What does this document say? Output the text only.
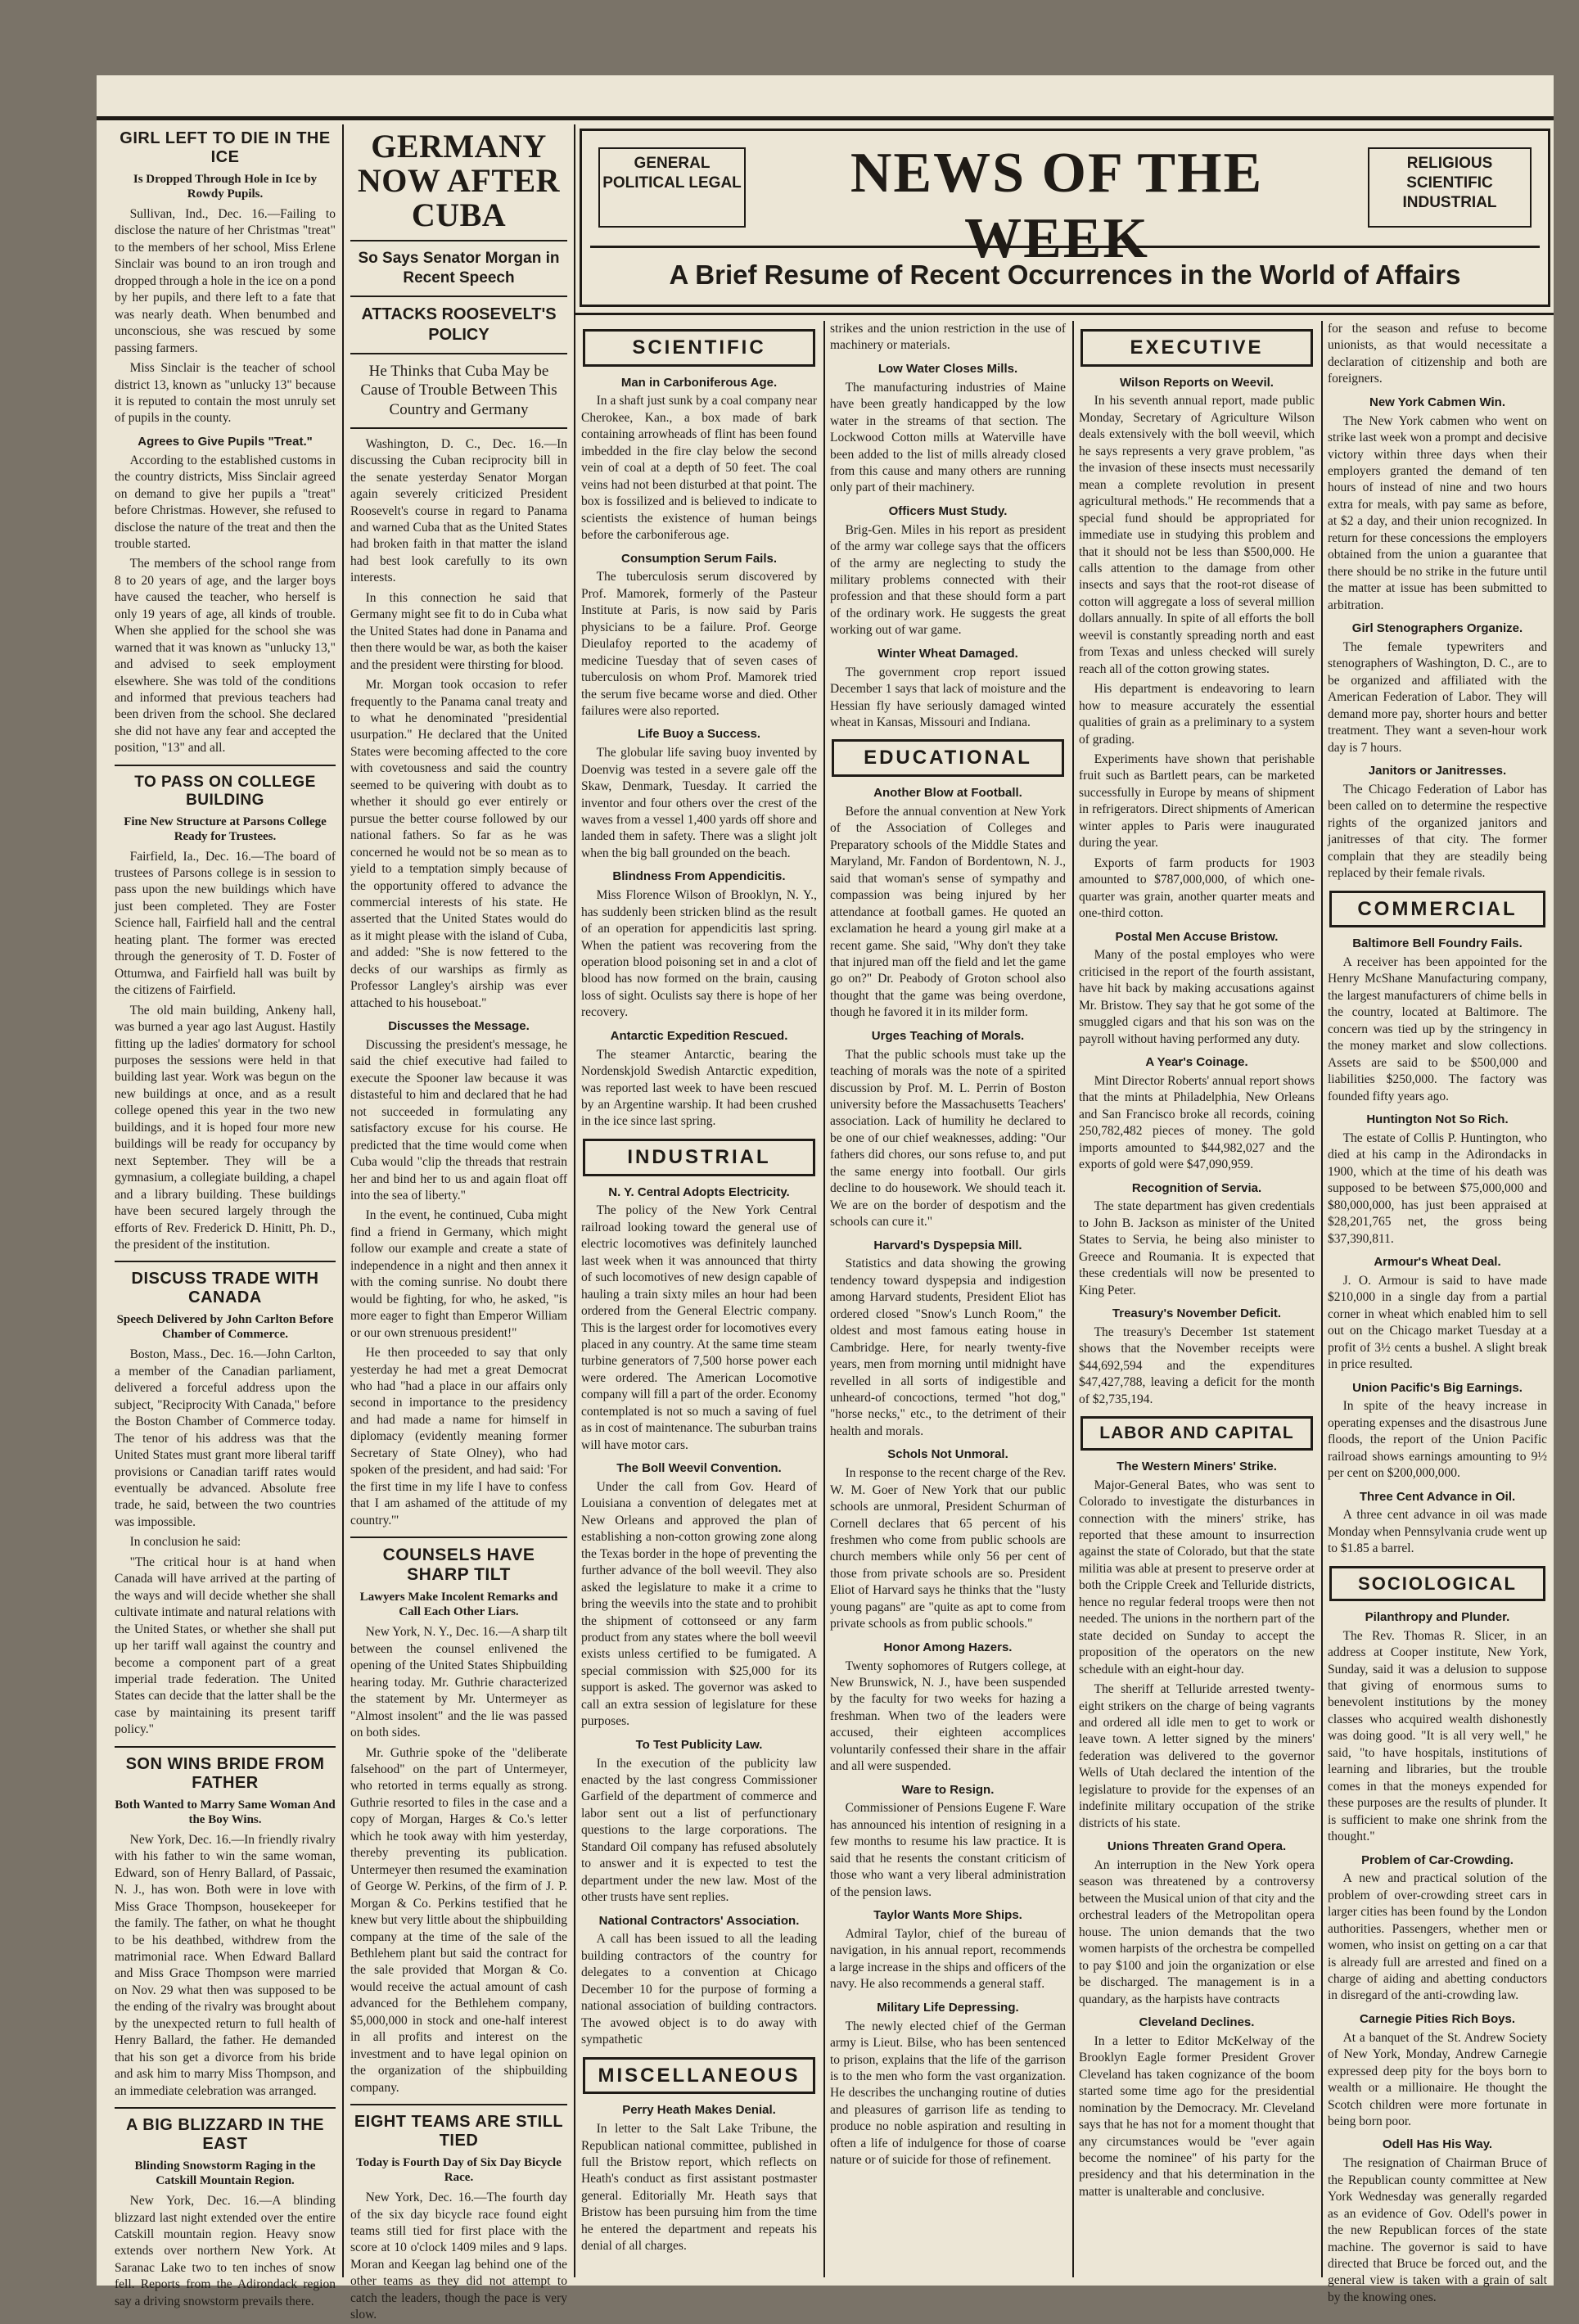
GIRL LEFT TO DIE IN THE ICE
Is Dropped Through Hole in Ice by Rowdy Pupils.

Sullivan, Ind., Dec. 16.—Failing to disclose the nature of her Christmas "treat" to the members of her school, Miss Erlene Sinclair was bound to an iron trough and dropped through a hole in the ice on a pond by her pupils, and there left to a fate that was nearly death. When benumbed and unconscious, she was rescued by some passing farmers.

Miss Sinclair is the teacher of school district 13, known as "unlucky 13" because it is reputed to contain the most unruly set of pupils in the county.

Agrees to Give Pupils "Treat."

According to the established customs in the country districts, Miss Sinclair agreed on demand to give her pupils a "treat" before Christmas. However, she refused to disclose the nature of the treat and then the trouble started.

The members of the school range from 8 to 20 years of age, and the larger boys have caused the teacher, who herself is only 19 years of age, all kinds of trouble. When she applied for the school she was warned that it was known as "unlucky 13," and advised to seek employment elsewhere. She was told of the conditions and informed that previous teachers had been driven from the school. She declared she did not have any fear and accepted the position, "13" and all.

TO PASS ON COLLEGE BUILDING
Fine New Structure at Parsons College Ready for Trustees.

Fairfield, Ia., Dec. 16.—The board of trustees of Parsons college is in session to pass upon the new buildings which have just been completed. They are Foster Science hall, Fairfield hall and the central heating plant. The former was erected through the generosity of T. D. Foster of Ottumwa, and Fairfield hall was built by the citizens of Fairfield.

The old main building, Ankeny hall, was burned a year ago last August. Hastily fitting up the ladies' dormatory for school purposes the sessions were held in that building last year. Work was begun on the new buildings at once, and as a result college opened this year in the two new buildings, and it is hoped four more new buildings will be ready for occupancy by next September. They will be a gymnasium, a collegiate building, a chapel and a library building. These buildings have been secured largely through the efforts of Rev. Frederick D. Hinitt, Ph. D., the president of the institution.

DISCUSS TRADE WITH CANADA
Speech Delivered by John Carlton Before Chamber of Commerce.

Boston, Mass., Dec. 16.—John Carlton, a member of the Canadian parliament, delivered a forceful address upon the subject, "Reciprocity With Canada," before the Boston Chamber of Commerce today. The tenor of his address was that the United States must grant more liberal tariff provisions or Canadian tariff rates would eventually be advanced. Absolute free trade, he said, between the two countries was impossible.

In conclusion he said:

"The critical hour is at hand when Canada will have arrived at the parting of the ways and will decide whether she shall cultivate intimate and natural relations with the United States, or whether she shall put up her tariff wall against the country and become a component part of a great imperial trade federation. The United States can decide that the latter shall be the case by maintaining its present tariff policy."

SON WINS BRIDE FROM FATHER
Both Wanted to Marry Same Woman And the Boy Wins.

New York, Dec. 16.—In friendly rivalry with his father to win the same woman, Edward, son of Henry Ballard, of Passaic, N. J., has won. Both were in love with Miss Grace Thompson, housekeeper for the family. The father, on what he thought to be his deathbed, withdrew from the matrimonial race. When Edward Ballard and Miss Grace Thompson were married on Nov. 29 what then was supposed to be the ending of the rivalry was brought about by the unexpected return to full health of Henry Ballard, the father. He demanded that his son get a divorce from his bride and ask him to marry Miss Thompson, and an immediate celebration was arranged.

A BIG BLIZZARD IN THE EAST
Blinding Snowstorm Raging in the Catskill Mountain Region.

New York, Dec. 16.—A blinding blizzard last night extended over the entire Catskill mountain region. Heavy snow extends over northern New York. At Saranac Lake two to ten inches of snow fell. Reports from the Adirondack region say a driving snowstorm prevails there.

GERMANY NOW AFTER CUBA
So Says Senator Morgan in Recent Speech
ATTACKS ROOSEVELT'S POLICY
He Thinks that Cuba May be Cause of Trouble Between This Country and Germany

Washington, D. C., Dec. 16.—In discussing the Cuban reciprocity bill in the senate yesterday Senator Morgan again severely criticized President Roosevelt's course in regard to Panama and warned Cuba that as the United States had broken faith in that matter the island had best look carefully to its own interests.

In this connection he said that Germany might see fit to do in Cuba what the United States had done in Panama and then there would be war, as both the kaiser and the president were thirsting for blood.

Mr. Morgan took occasion to refer frequently to the Panama canal treaty and to what he denominated "presidential usurpation." He declared that the United States were becoming affected to the core with covetousness and said the country seemed to be quivering with doubt as to whether it should go ever entirely or pursue the better course followed by our national fathers. So far as he was concerned he would not be so mean as to yield to a temptation simply because of the opportunity offered to advance the commercial interests of his state. He asserted that the United States would do as it might please with the island of Cuba, and added: "She is now fettered to the decks of our warships as firmly as Professor Langley's airship was ever attached to his houseboat."

Discusses the Message.

Discussing the president's message, he said the chief executive had failed to execute the Spooner law because it was distasteful to him and declared that he had not succeeded in formulating any satisfactory excuse for his course. He predicted that the time would come when Cuba would "clip the threads that restrain her and bind her to us and again float off into the sea of liberty."

In the event, he continued, Cuba might find a friend in Germany, which might follow our example and create a state of independence in a night and then annex it with the coming sunrise. No doubt there would be fighting, for who, he asked, "is more eager to fight than Emperor William or our own strenuous president!"

He then proceeded to say that only yesterday he had met a great Democrat who had "had a place in our affairs only second in importance to the presidency and had made a name for himself in diplomacy (evidently meaning former Secretary of State Olney), who had spoken of the president, and had said: 'For the first time in my life I have to confess that I am ashamed of the attitude of my country.'"

COUNSELS HAVE SHARP TILT
Lawyers Make Incolent Remarks and Call Each Other Liars.

New York, N. Y., Dec. 16.—A sharp tilt between the counsel enlivened the opening of the United States Shipbuilding hearing today. Mr. Guthrie characterized the statement by Mr. Untermeyer as "Almost insolent" and the lie was passed on both sides.

Mr. Guthrie spoke of the "deliberate falsehood" on the part of Untermeyer, who retorted in terms equally as strong. Guthrie resorted to files in the case and a copy of Morgan, Harges & Co.'s letter which he took away with him yesterday, thereby preventing its publication. Untermeyer then resumed the examination of George W. Perkins, of the firm of J. P. Morgan & Co. Perkins testified that he knew but very little about the shipbuilding company at the time of the sale of the Bethlehem plant but said the contract for the sale provided that Morgan & Co. would receive the actual amount of cash advanced for the Bethlehem company, $5,000,000 in stock and one-half interest in all profits and interest on the investment and to have legal opinion on the organization of the shipbuilding company.

EIGHT TEAMS ARE STILL TIED
Today is Fourth Day of Six Day Bicycle Race.

New York, Dec. 16.—The fourth day of the six day bicycle race found eight teams still tied for first place with the score at 10 o'clock 1409 miles and 9 laps. Moran and Keegan lag behind one of the other teams as they did not attempt to catch the leaders, though the pace is very slow.

GENERAL POLITICAL LEGAL	NEWS OF THE WEEK
RELIGIOUS SCIENTIFIC INDUSTRIAL
A Brief Resume of Recent Occurrences in the World of Affairs
SCIENTIFIC
Man in Carboniferous Age.

In a shaft just sunk by a coal company near Cherokee, Kan., a box made of bark containing arrowheads of flint has been found imbedded in the fire clay below the second vein of coal at a depth of 50 feet. The coal veins had not been disturbed at that point. The box is fossilized and is believed to indicate to scientists the existence of human beings before the carboniferous age.

Consumption Serum Fails.

The tuberculosis serum discovered by Prof. Mamorek, formerly of the Pasteur Institute at Paris, is now said by Paris physicians to be a failure. Prof. George Dieulafoy reported to the academy of medicine Tuesday that of seven cases of tuberculosis on whom Prof. Mamorek tried the serum five became worse and died. Other failures were also reported.

Life Buoy a Success.

The globular life saving buoy invented by Doenvig was tested in a severe gale off the Skaw, Denmark, Tuesday. It carried the inventor and four others over the crest of the waves from a vessel 1,400 yards off shore and landed them in safety. There was a slight jolt when the big ball grounded on the beach.

Blindness From Appendicitis.

Miss Florence Wilson of Brooklyn, N. Y., has suddenly been stricken blind as the result of an operation for appendicitis last spring. When the patient was recovering from the operation blood poisoning set in and a clot of blood has now formed on the brain, causing loss of sight. Oculists say there is hope of her recovery.

Antarctic Expedition Rescued.

The steamer Antarctic, bearing the Nordenskjold Swedish Antarctic expedition, was reported last week to have been rescued by an Argentine warship. It had been crushed in the ice since last spring.

INDUSTRIAL
N. Y. Central Adopts Electricity.

The policy of the New York Central railroad looking toward the general use of electric locomotives was definitely launched last week when it was announced that thirty of such locomotives of new design capable of hauling a train sixty miles an hour had been ordered from the General Electric company. This is the largest order for locomotives every placed in any country. At the same time steam turbine generators of 7,500 horse power each were ordered. The American Locomotive company will fill a part of the order. Economy contemplated is not so much a saving of fuel as in cost of maintenance. The suburban trains will have motor cars.

The Boll Weevil Convention.

Under the call from Gov. Heard of Louisiana a convention of delegates met at New Orleans and approved the plan of establishing a non-cotton growing zone along the Texas border in the hope of preventing the further advance of the boll weevil. They also asked the legislature to make it a crime to bring the weevils into the state and to prohibit the shipment of cottonseed or any farm product from any states where the boll weevil exists unless certified to be fumigated. A special commission with $25,000 for its support is asked. The governor was asked to call an extra session of legislature for these purposes.

To Test Publicity Law.

In the execution of the publicity law enacted by the last congress Commissioner Garfield of the department of commerce and labor sent out a list of perfunctionary questions to the large corporations. The Standard Oil company has refused absolutely to answer and it is expected to test the department under the new law. Most of the other trusts have sent replies.

National Contractors' Association.

A call has been issued to all the leading building contractors of the country for delegates to a convention at Chicago December 10 for the purpose of forming a national association of building contractors. The avowed object is to do away with sympathetic

MISCELLANEOUS
Perry Heath Makes Denial.

In letter to the Salt Lake Tribune, the Republican national committee, published in full the Bristow report, which reflects on Heath's conduct as first assistant postmaster general. Editorially Mr. Heath says that Bristow has been pursuing him from the time he entered the department and repeats his denial of all charges.

strikes and the union restriction in the use of machinery or materials.

Low Water Closes Mills.

The manufacturing industries of Maine have been greatly handicapped by the low water in the streams of that section. The Lockwood Cotton mills at Waterville have been added to the list of mills already closed from this cause and many others are running only part of their machinery.

Officers Must Study.

Brig-Gen. Miles in his report as president of the army war college says that the officers of the army are neglecting to study the military problems connected with their profession and that these should form a part of the ordinary work. He suggests the great working out of war game.

Winter Wheat Damaged.

The government crop report issued December 1 says that lack of moisture and the Hessian fly have seriously damaged winted wheat in Kansas, Missouri and Indiana.

EDUCATIONAL
Another Blow at Football.

Before the annual convention at New York of the Association of Colleges and Preparatory schools of the Middle States and Maryland, Mr. Fandon of Bordentown, N. J., said that woman's sense of sympathy and compassion was being injured by her attendance at football games. He quoted an exclamation he heard a young girl make at a recent game. She said, "Why don't they take that injured man off the field and let the game go on?" Dr. Peabody of Groton school also thought that the game was being overdone, though he favored it in its milder form.

Urges Teaching of Morals.

That the public schools must take up the teaching of morals was the note of a spirited discussion by Prof. M. L. Perrin of Boston university before the Massachusetts Teachers' association. Lack of humility he declared to be one of our chief weaknesses, adding: "Our fathers did chores, our sons refuse to, and put the same energy into football. Our girls decline to do housework. We should teach it. We are on the border of despotism and the schools can cure it."

Harvard's Dyspepsia Mill.

Statistics and data showing the growing tendency toward dyspepsia and indigestion among Harvard students, President Eliot has ordered closed "Snow's Lunch Room," the oldest and most famous eating house in Cambridge. Here, for nearly twenty-five years, men from morning until midnight have revelled in all sorts of indigestible and unheard-of concoctions, termed "hot dog," "horse necks," etc., to the detriment of their health and morals.

Schols Not Unmoral.

In response to the recent charge of the Rev. W. M. Goer of New York that our public schools are unmoral, President Schurman of Cornell declares that 65 percent of his freshmen who come from public schools are church members while only 56 per cent of those from private schools are so. President Eliot of Harvard says he thinks that the "lusty young pagans" are "quite as apt to come from private schools as from public schools."

Honor Among Hazers.

Twenty sophomores of Rutgers college, at New Brunswick, N. J., have been suspended by the faculty for two weeks for hazing a freshman. When two of the leaders were accused, their eighteen accomplices voluntarily confessed their share in the affair and all were suspended.

Ware to Resign.

Commissioner of Pensions Eugene F. Ware has announced his intention of resigning in a few months to resume his law practice. It is said that he resents the constant criticism of those who want a very liberal administration of the pension laws.

Taylor Wants More Ships.

Admiral Taylor, chief of the bureau of navigation, in his annual report, recommends a large increase in the ships and officers of the navy. He also recommends a general staff.

Military Life Depressing.

The newly elected chief of the German army is Lieut. Bilse, who has been sentenced to prison, explains that the life of the garrison is to the men who form the vast organization. He describes the unchanging routine of duties and pleasures of garrison life as tending to produce no noble aspiration and resulting in often a life of indulgence for those of coarse nature or of suicide for those of refinement.

EXECUTIVE
Wilson Reports on Weevil.

In his seventh annual report, made public Monday, Secretary of Agriculture Wilson deals extensively with the boll weevil, which he says represents a very grave problem, "as the invasion of these insects must necessarily mean a complete revolution in present agricultural methods." He recommends that a special fund should be appropriated for immediate use in studying this problem and that it should not be less than $500,000. He calls attention to the damage from other insects and says that the root-rot disease of cotton will aggregate a loss of several million dollars annually. In spite of all efforts the boll weevil is constantly spreading north and east from Texas and unless checked will surely reach all of the cotton growing states.

His department is endeavoring to learn how to measure accurately the essential qualities of grain as a preliminary to a system of grading.

Experiments have shown that perishable fruit such as Bartlett pears, can be marketed successfully in Europe by means of shipment in refrigerators. Direct shipments of American winter apples to Paris were inaugurated during the year.

Exports of farm products for 1903 amounted to $787,000,000, of which one-quarter was grain, another quarter meats and one-third cotton.

Postal Men Accuse Bristow.

Many of the postal employes who were criticised in the report of the fourth assistant, have hit back by making accusations against Mr. Bristow. They say that he got some of the smuggled cigars and that his son was on the payroll without having performed any duty.

A Year's Coinage.

Mint Director Roberts' annual report shows that the mints at Philadelphia, New Orleans and San Francisco broke all records, coining 250,782,482 pieces of money. The gold imports amounted to $44,982,027 and the exports of gold were $47,090,959.

Recognition of Servia.

The state department has given credentials to John B. Jackson as minister of the United States to Servia, he being also minister to Greece and Roumania. It is expected that these credentials will now be presented to King Peter.

Treasury's November Deficit.

The treasury's December 1st statement shows that the November receipts were $44,692,594 and the expenditures $47,427,788, leaving a deficit for the month of $2,735,194.

LABOR AND CAPITAL
The Western Miners' Strike.

Major-General Bates, who was sent to Colorado to investigate the disturbances in connection with the miners' strike, has reported that these amount to insurrection against the state of Colorado, but that the state militia was able at present to preserve order at both the Cripple Creek and Telluride districts, hence no regular federal troops were then not needed. The unions in the northern part of the state decided on Sunday to accept the proposition of the operators on the new schedule with an eight-hour day.

The sheriff at Telluride arrested twenty-eight strikers on the charge of being vagrants and ordered all idle men to get to work or leave town. A letter signed by the miners' federation was delivered to the governor Wells of Utah declared the intention of the legislature to provide for the expenses of an indefinite military occupation of the strike districts of his state.

Unions Threaten Grand Opera.

An interruption in the New York opera season was threatened by a controversy between the Musical union of that city and the orchestral leaders of the Metropolitan opera house. The union demands that the two women harpists of the orchestra be compelled to pay $100 and join the organization or else be discharged. The management is in a quandary, as the harpists have contracts

Cleveland Declines.

In a letter to Editor McKelway of the Brooklyn Eagle former President Grover Cleveland has taken cognizance of the boom started some time ago for the presidential nomination by the Democracy. Mr. Cleveland says that he has not for a moment thought that any circumstances would be "ever again become the nominee" of his party for the presidency and that his determination in the matter is unalterable and conclusive.

for the season and refuse to become unionists, as that would necessitate a declaration of citizenship and both are foreigners.

New York Cabmen Win.

The New York cabmen who went on strike last week won a prompt and decisive victory within three days when their employers granted the demand of ten hours of instead of nine and two hours extra for meals, with pay same as before, at $2 a day, and their union recognized. In return for these concessions the employers obtained from the union a guarantee that there should be no strike in the future until the matter at issue has been submitted to arbitration.

Girl Stenographers Organize.

The female typewriters and stenographers of Washington, D. C., are to be organized and affiliated with the American Federation of Labor. They will demand more pay, shorter hours and better treatment. They want a seven-hour work day is 7 hours.

Janitors or Janitresses.

The Chicago Federation of Labor has been called on to determine the respective rights of the organized janitors and janitresses of that city. The former complain that they are steadily being replaced by their female rivals.

COMMERCIAL
Baltimore Bell Foundry Fails.

A receiver has been appointed for the Henry McShane Manufacturing company, the largest manufacturers of chime bells in the country, located at Baltimore. The concern was tied up by the stringency in the money market and slow collections. Assets are said to be $500,000 and liabilities $250,000. The factory was founded fifty years ago.

Huntington Not So Rich.

The estate of Collis P. Huntington, who died at his camp in the Adirondacks in 1900, which at the time of his death was supposed to be between $75,000,000 and $80,000,000, has just been appraised at $28,201,765 net, the gross being $37,390,811.

Armour's Wheat Deal.

J. O. Armour is said to have made $210,000 in a single day from a partial corner in wheat which enabled him to sell out on the Chicago market Tuesday at a profit of 3½ cents a bushel. A slight break in price resulted.

Union Pacific's Big Earnings.

In spite of the heavy increase in operating expenses and the disastrous June floods, the report of the Union Pacific railroad shows earnings amounting to 9½ per cent on $200,000,000.

Three Cent Advance in Oil.

A three cent advance in oil was made Monday when Pennsylvania crude went up to $1.85 a barrel.

SOCIOLOGICAL
Pilanthropy and Plunder.

The Rev. Thomas R. Slicer, in an address at Cooper institute, New York, Sunday, said it was a delusion to suppose that giving of enormous sums to benevolent institutions by the money classes who acquired wealth dishonestly was doing good. "It is all very well," he said, "to have hospitals, institutions of learning and libraries, but the trouble comes in that the moneys expended for these purposes are the results of plunder. It is sufficient to make one shrink from the thought."

Problem of Car-Crowding.

A new and practical solution of the problem of over-crowding street cars in larger cities has been found by the London authorities. Passengers, whether men or women, who insist on getting on a car that is already full are arrested and fined on a charge of aiding and abetting conductors in disregard of the anti-crowding law.

Carnegie Pities Rich Boys.

At a banquet of the St. Andrew Society of New York, Monday, Andrew Carnegie expressed deep pity for the boys born to wealth or a millionaire. He thought the Scotch children were more fortunate in being born poor.

Odell Has His Way.

The resignation of Chairman Bruce of the Republican county committee at New York Wednesday was generally regarded as an evidence of Gov. Odell's power in the new Republican forces of the state machine. The governor is said to have directed that Bruce be forced out, and the general view is taken with a grain of salt by the knowing ones.
